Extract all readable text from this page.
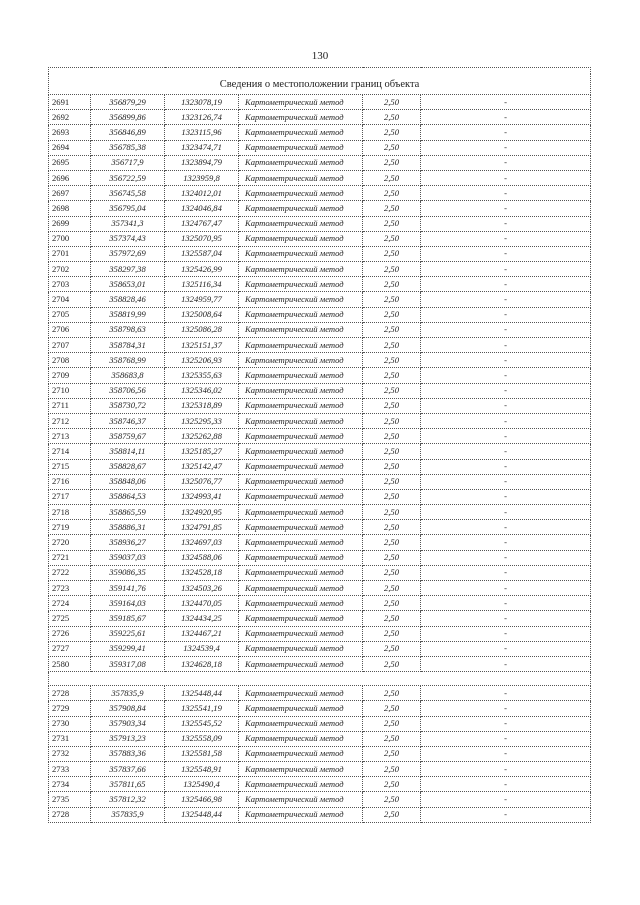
130

Сведения о местоположении границ объекта					
2691	356879,29	1323078,19	Картометрический метод	2,50	-
2692	356899,86	1323126,74	Картометрический метод	2,50	-
2693	356846,89	1323115,96	Картометрический метод	2,50	-
2694	356785,38	1323474,71	Картометрический метод	2,50	-
2695	356717,9	1323894,79	Картометрический метод	2,50	-
2696	356722,59	1323959,8	Картометрический метод	2,50	-
2697	356745,58	1324012,01	Картометрический метод	2,50	-
2698	356795,04	1324046,84	Картометрический метод	2,50	-
2699	357341,3	1324767,47	Картометрический метод	2,50	-
2700	357374,43	1325070,95	Картометрический метод	2,50	-
2701	357972,69	1325587,04	Картометрический метод	2,50	-
2702	358297,38	1325426,99	Картометрический метод	2,50	-
2703	358653,01	1325116,34	Картометрический метод	2,50	-
2704	358828,46	1324959,77	Картометрический метод	2,50	-
2705	358819,99	1325008,64	Картометрический метод	2,50	-
2706	358798,63	1325086,28	Картометрический метод	2,50	-
2707	358784,31	1325151,37	Картометрический метод	2,50	-
2708	358768,99	1325206,93	Картометрический метод	2,50	-
2709	358683,8	1325355,63	Картометрический метод	2,50	-
2710	358706,56	1325346,02	Картометрический метод	2,50	-
2711	358730,72	1325318,89	Картометрический метод	2,50	-
2712	358746,37	1325295,33	Картометрический метод	2,50	-
2713	358759,67	1325262,88	Картометрический метод	2,50	-
2714	358814,11	1325185,27	Картометрический метод	2,50	-
2715	358828,67	1325142,47	Картометрический метод	2,50	-
2716	358848,06	1325076,77	Картометрический метод	2,50	-
2717	358864,53	1324993,41	Картометрический метод	2,50	-
2718	358865,59	1324920,95	Картометрический метод	2,50	-
2719	358886,31	1324791,85	Картометрический метод	2,50	-
2720	358936,27	1324697,03	Картометрический метод	2,50	-
2721	359037,03	1324588,06	Картометрический метод	2,50	-
2722	359086,35	1324528,18	Картометрический метод	2,50	-
2723	359141,76	1324503,26	Картометрический метод	2,50	-
2724	359164,03	1324470,05	Картометрический метод	2,50	-
2725	359185,67	1324434,25	Картометрический метод	2,50	-
2726	359225,61	1324467,21	Картометрический метод	2,50	-
2727	359299,41	1324539,4	Картометрический метод	2,50	-
2580	359317,08	1324628,18	Картометрический метод	2,50	-

2728	357835,9	1325448,44	Картометрический метод	2,50	-
2729	357908,84	1325541,19	Картометрический метод	2,50	-
2730	357903,34	1325545,52	Картометрический метод	2,50	-
2731	357913,23	1325558,09	Картометрический метод	2,50	-
2732	357883,36	1325581,58	Картометрический метод	2,50	-
2733	357837,66	1325548,91	Картометрический метод	2,50	-
2734	357811,65	1325490,4	Картометрический метод	2,50	-
2735	357812,32	1325466,98	Картометрический метод	2,50	-
2728	357835,9	1325448,44	Картометрический метод	2,50	-
